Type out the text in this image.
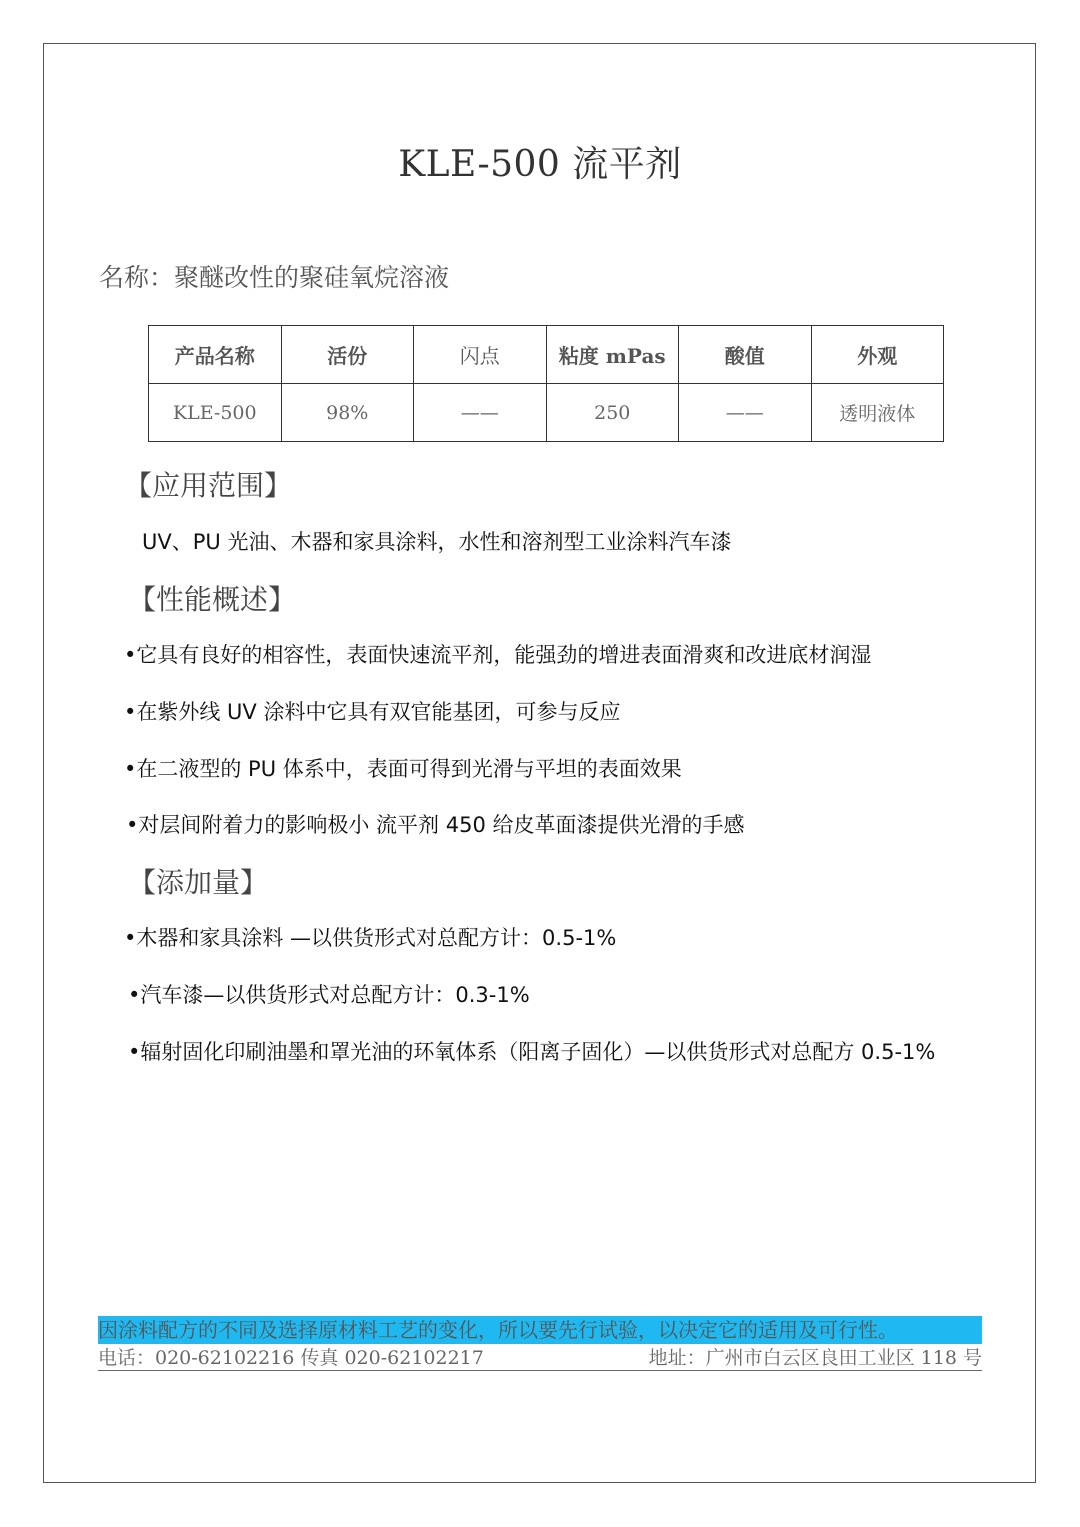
KLE-500 流平剂
名称：聚醚改性的聚硅氧烷溶液
产品名称	活份	闪点	粘度 mPas	酸值	外观
KLE-500	98%	——	250	——	透明液体
【应用范围】
UV、PU 光油、木器和家具涂料，水性和溶剂型工业涂料汽车漆
【性能概述】
•它具有良好的相容性，表面快速流平剂，能强劲的增进表面滑爽和改进底材润湿
•在紫外线 UV 涂料中它具有双官能基团，可参与反应
•在二液型的 PU 体系中，表面可得到光滑与平坦的表面效果
•对层间附着力的影响极小 流平剂 450 给皮革面漆提供光滑的手感
【添加量】
•木器和家具涂料 —以供货形式对总配方计：0.5-1%
•汽车漆—以供货形式对总配方计：0.3-1%
•辐射固化印刷油墨和罩光油的环氧体系（阳离子固化）—以供货形式对总配方 0.5-1%
因涂料配方的不同及选择原材料工艺的变化，所以要先行试验，以决定它的适用及可行性。
电话：020-62102216 传真 020-62102217	地址：广州市白云区良田工业区 118 号
